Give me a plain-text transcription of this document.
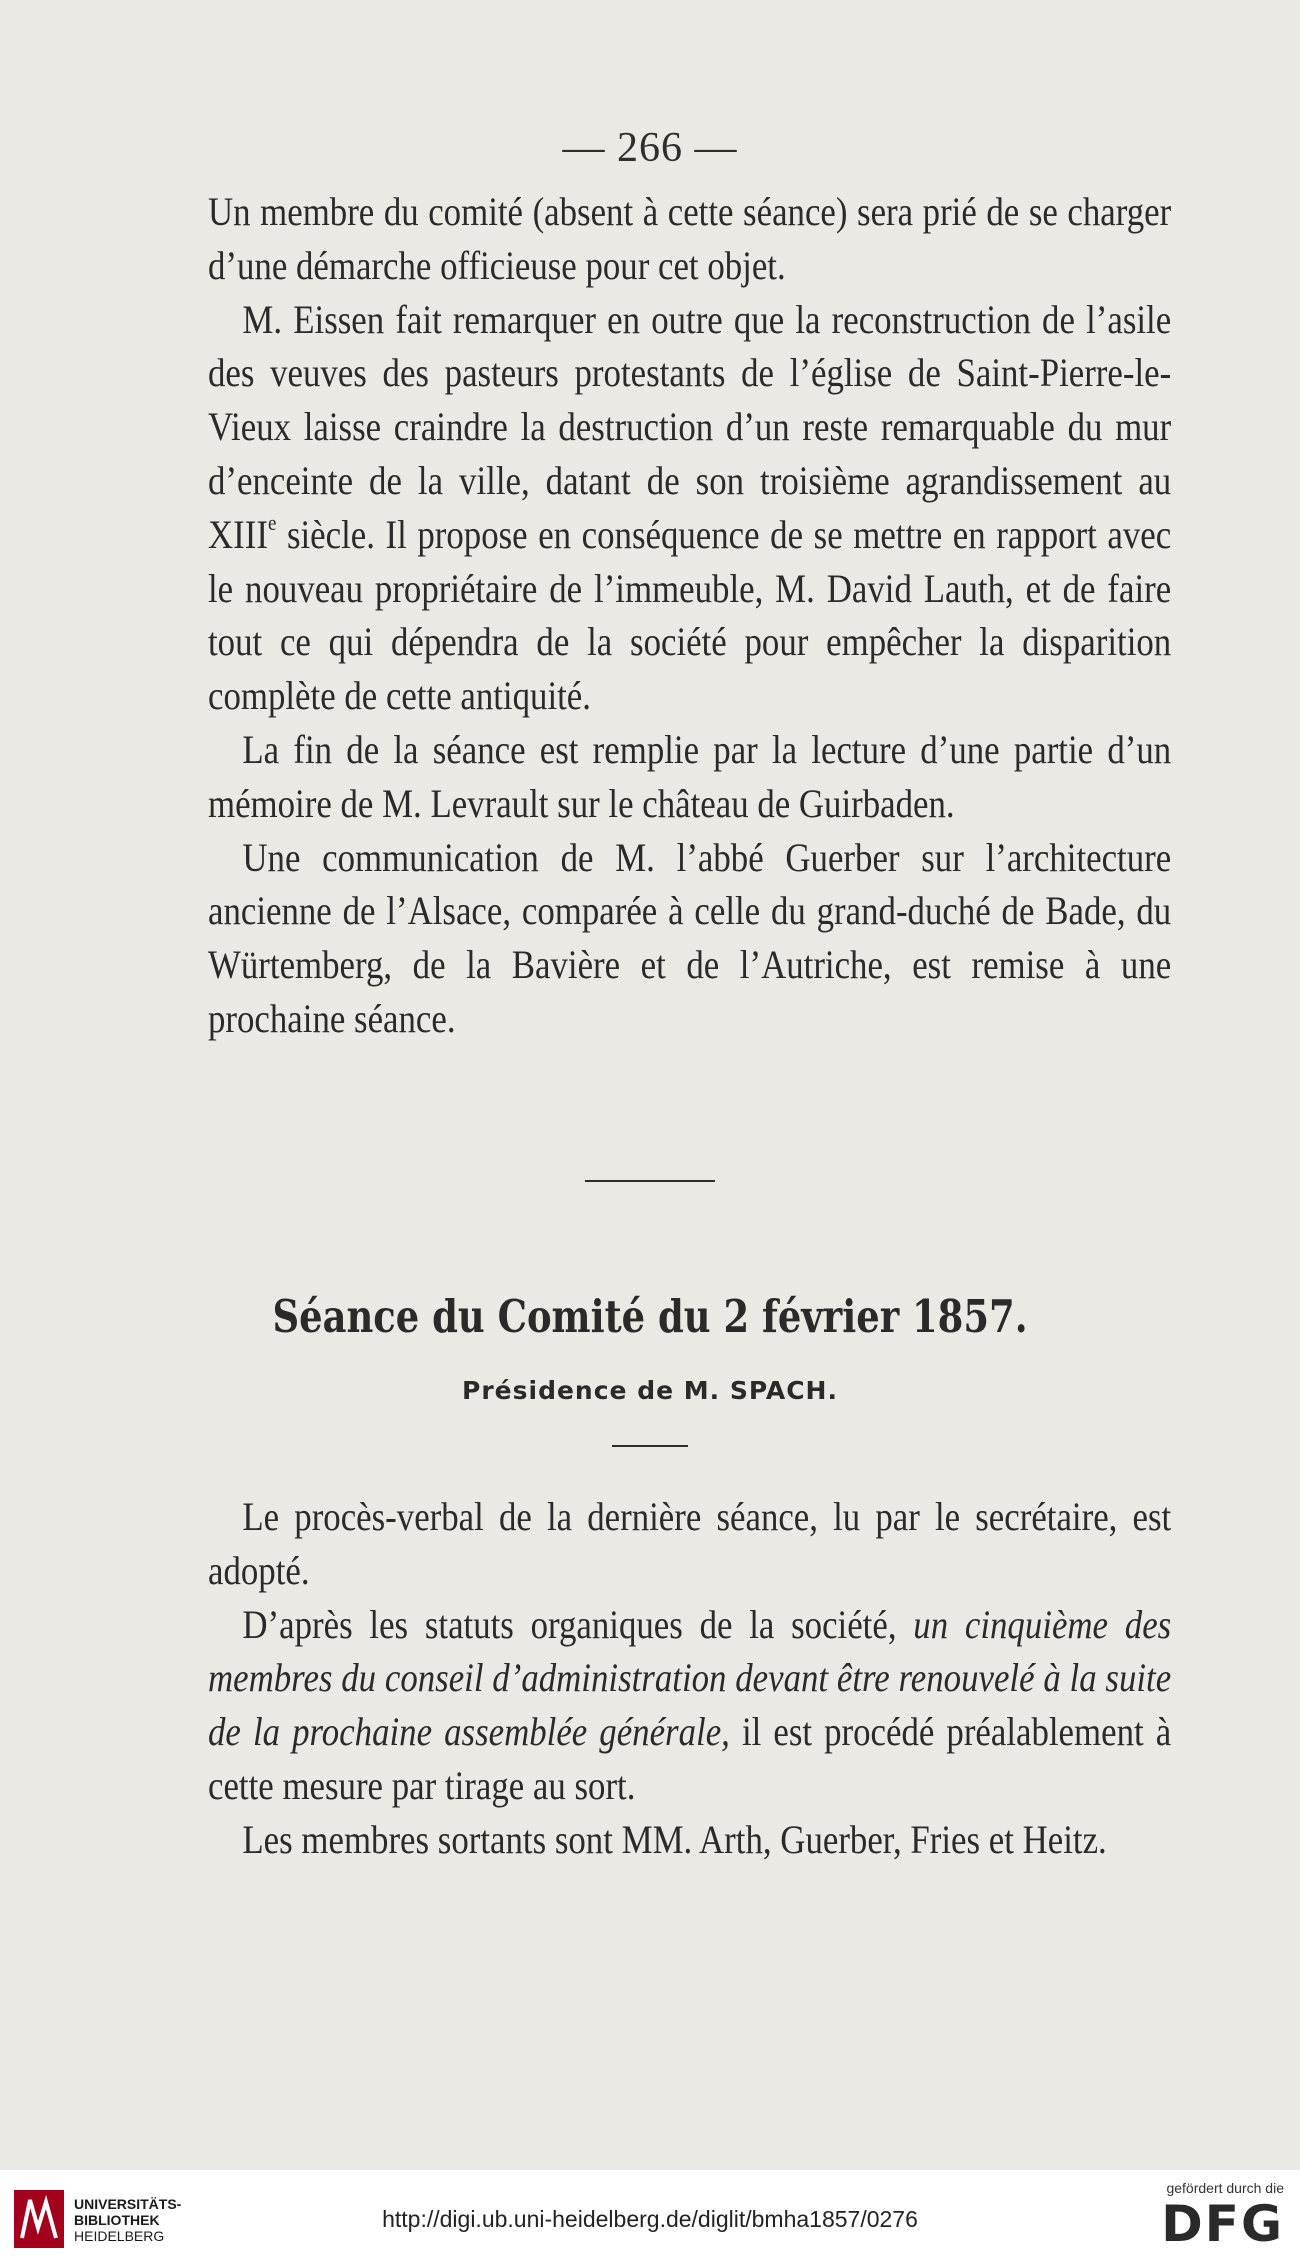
— 266 —

Un membre du comité (absent à cette séance) sera prié de se charger d’une démarche officieuse pour cet objet.

M. Eissen fait remarquer en outre que la reconstruction de l’asile des veuves des pasteurs protestants de l’église de Saint-Pierre-le-Vieux laisse craindre la destruction d’un reste remarquable du mur d’enceinte de la ville, datant de son troisième agrandissement au XIIIe siècle. Il propose en conséquence de se mettre en rapport avec le nouveau propriétaire de l’immeuble, M. David Lauth, et de faire tout ce qui dépendra de la société pour empêcher la disparition complète de cette antiquité.

La fin de la séance est remplie par la lecture d’une partie d’un mémoire de M. Levrault sur le château de Guirbaden.

Une communication de M. l’abbé Guerber sur l’architecture ancienne de l’Alsace, comparée à celle du grand-duché de Bade, du Würtemberg, de la Bavière et de l’Autriche, est remise à une prochaine séance.

Séance du Comité du 2 février 1857.
Présidence de M. SPACH.

Le procès-verbal de la dernière séance, lu par le secrétaire, est adopté.

D’après les statuts organiques de la société, un cinquième des membres du conseil d’administration devant être renouvelé à la suite de la prochaine assemblée générale, il est procédé préalablement à cette mesure par tirage au sort.

Les membres sortants sont MM. Arth, Guerber, Fries et Heitz.

UNIVERSITÄTS-
BIBLIOTHEK
HEIDELBERG
http://digi.ub.uni-heidelberg.de/diglit/bmha1857/0276
gefördert durch die
DFG
